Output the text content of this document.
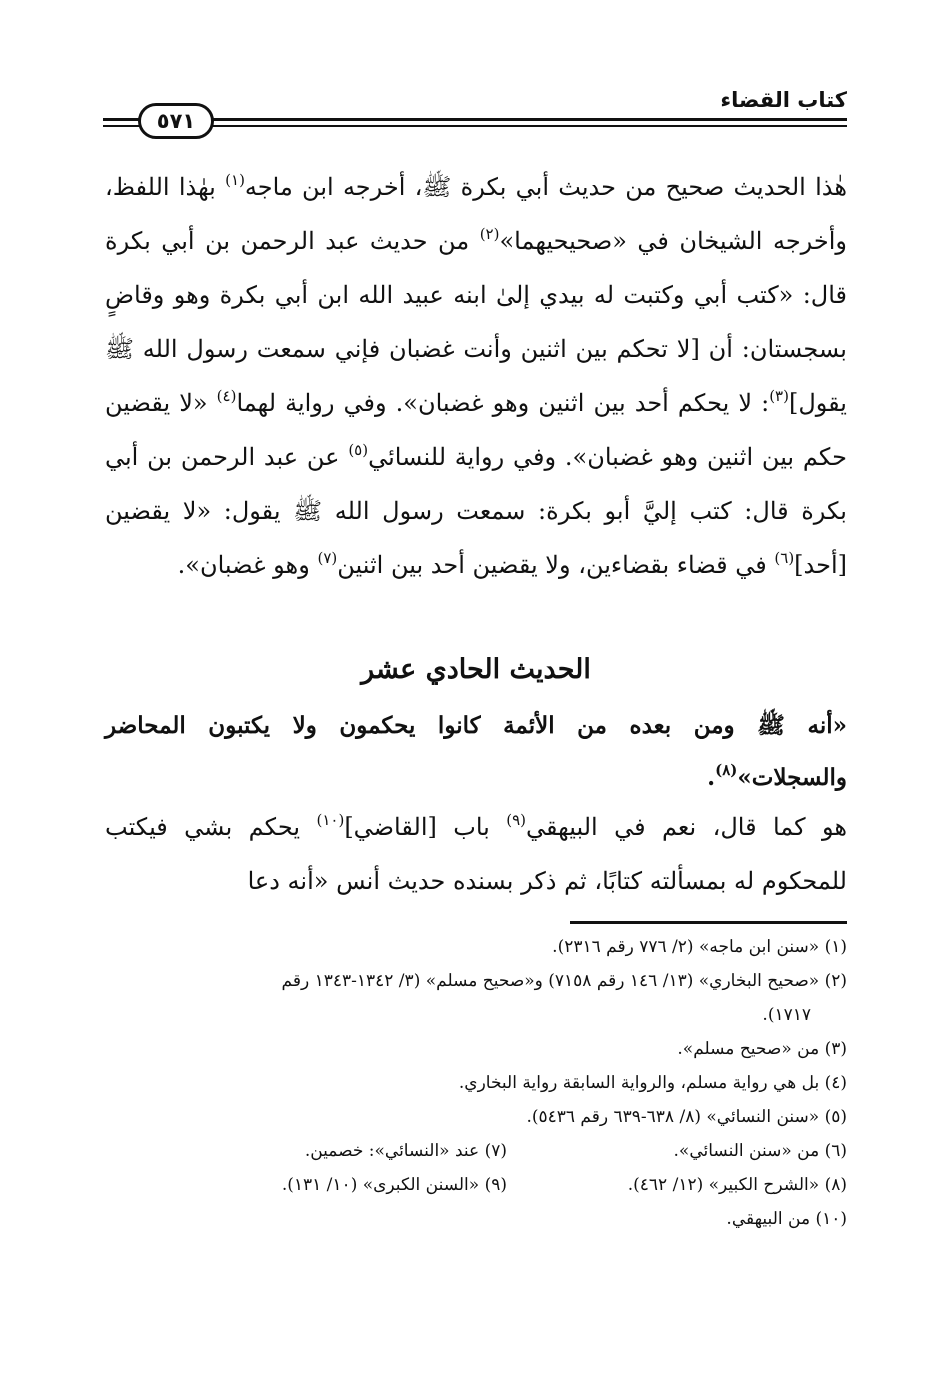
كتاب القضاء
٥٧١
هٰذا الحديث صحيح من حديث أبي بكرة ﷺ، أخرجه ابن ماجه$^{(١)}$ بهٰذا اللفظ، وأخرجه الشيخان في «صحيحيهما»$^{(٢)}$ من حديث عبد الرحمن بن أبي بكرة قال: «كتب أبي وكتبت له بيدي إلىٰ ابنه عبيد الله ابن أبي بكرة وهو وقاضٍ بسجستان: أن [لا تحكم بين اثنين وأنت غضبان فإني سمعت رسول الله ﷺ يقول]$^{(٣)}$: لا يحكم أحد بين اثنين وهو غضبان». وفي رواية لهما$^{(٤)}$ «لا يقضين حكم بين اثنين وهو غضبان». وفي رواية للنسائي$^{(٥)}$ عن عبد الرحمن بن أبي بكرة قال: كتب إليَّ أبو بكرة: سمعت رسول الله ﷺ يقول: «لا يقضين [أحد]$^{(٦)}$ في قضاء بقضاءين، ولا يقضين أحد بين اثنين$^{(٧)}$ وهو غضبان».
الحديث الحادي عشر
«أنه ﷺ ومن بعده من الأئمة كانوا يحكمون ولا يكتبون المحاضر والسجلات»$^{(٨)}$.
هو كما قال، نعم في البيهقي$^{(٩)}$ باب [القاضي]$^{(١٠)}$ يحكم بشي فيكتب للمحكوم له بمسألته كتابًا، ثم ذكر بسنده حديث أنس «أنه دعا
(١) «سنن ابن ماجه» (٢/ ٧٧٦ رقم ٢٣١٦).
(٢) «صحيح البخاري» (١٣/ ١٤٦ رقم ٧١٥٨) و«صحيح مسلم» (٣/ ١٣٤٢-١٣٤٣ رقم
١٧١٧).
(٣) من «صحيح مسلم».
(٤) بل هي رواية مسلم، والرواية السابقة رواية البخاري.
(٥) «سنن النسائي» (٨/ ٦٣٨-٦٣٩ رقم ٥٤٣٦).
(٦) من «سنن النسائي».
(٧) عند «النسائي»: خصمين.
(٨) «الشرح الكبير» (١٢/ ٤٦٢).
(٩) «السنن الكبرى» (١٠/ ١٣١).
(١٠) من البيهقي.
